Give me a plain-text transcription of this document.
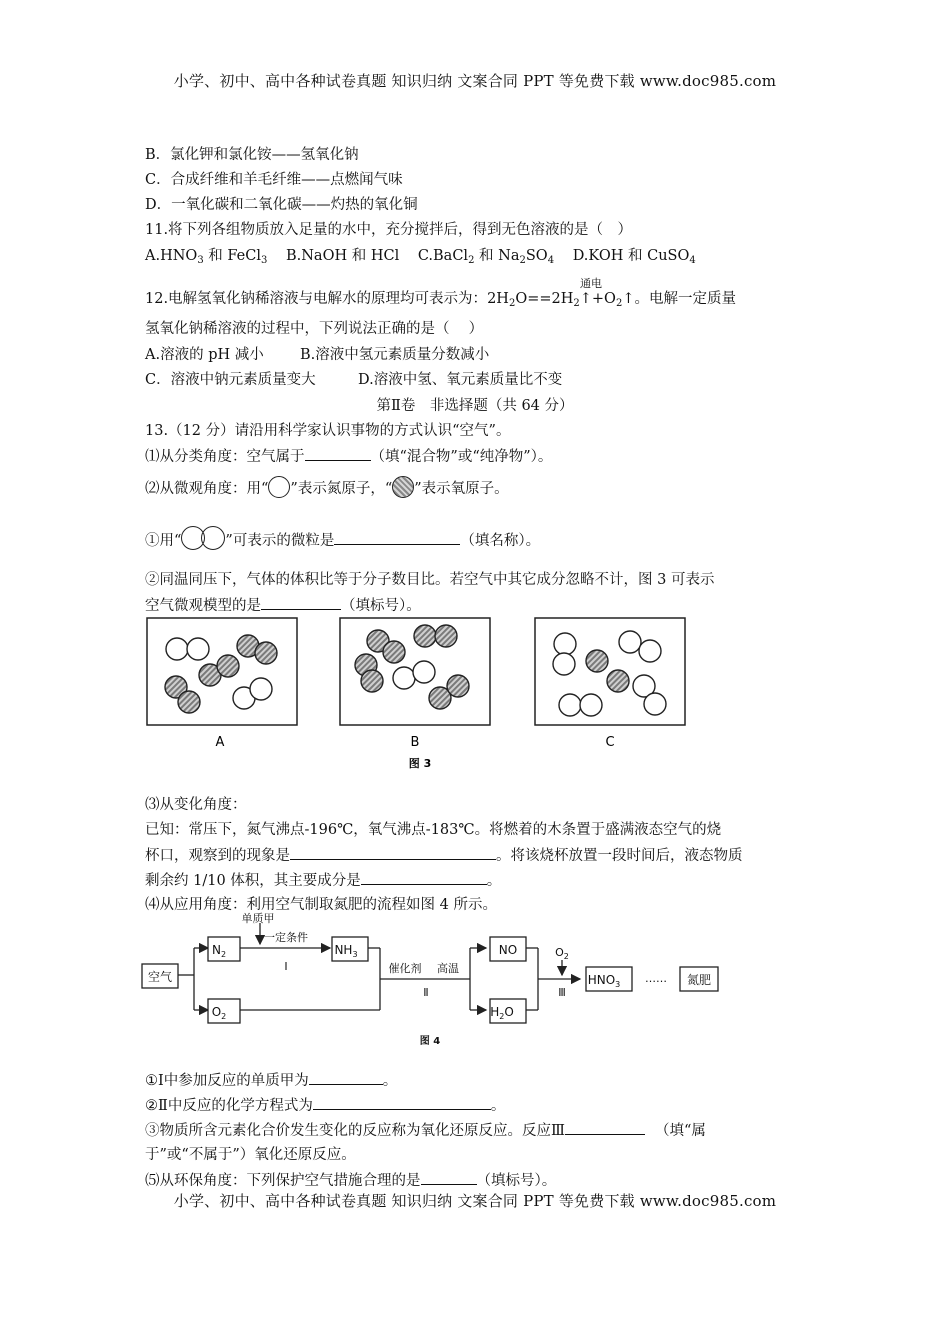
小学、初中、高中各种试卷真题 知识归纳 文案合同 PPT 等免费下载 www.doc985.com
小学、初中、高中各种试卷真题 知识归纳 文案合同 PPT 等免费下载 www.doc985.com
B．氯化钾和氯化铵——氢氧化钠
C．合成纤维和羊毛纤维——点燃闻气味
D．一氧化碳和二氧化碳——灼热的氧化铜
11.将下列各组物质放入足量的水中，充分搅拌后，得到无色溶液的是（　）
$A.HNO_3$ 和 FeCl$_3$ B.NaOH 和 HCl C.BaCl$_2$ 和 $Na_2SO_4$ D.KOH 和 CuSO$_4$
通电
12.电解氢氧化钠稀溶液与电解水的原理均可表示为：$2H_2O==2H_2↑+O_2↑$。电解一定质量
氢氧化钠稀溶液的过程中，下列说法正确的是（　 ）
A.溶液的 pH 减小	B.溶液中氢元素质量分数减小
C．溶液中钠元素质量变大	D.溶液中氢、氧元素质量比不变
第Ⅱ卷　非选择题（共 64 分）
13.（12 分）请沿用科学家认识事物的方式认识“空气”。
⑴从分类角度：空气属于	（填“混合物”或“纯净物”）。
⑵从微观角度：用“ ”表示氮原子，“ ”表示氧原子。
①用“	”可表示的微粒是	（填名称）。
②同温同压下，气体的体积比等于分子数目比。若空气中其它成分忽略不计，图 3 可表示
空气微观模型的是	（填标号）。
A	B	C
图 3
⑶从变化角度：
已知：常压下，氮气沸点-196℃，氧气沸点-183℃。将燃着的木条置于盛满液态空气的烧
杯口，观察到的现象是	。将该烧杯放置一段时间后，液态物质
剩余约 1/10 体积，其主要成分是	。
⑷从应用角度：利用空气制取氮肥的流程如图 4 所示。
空气
$N_2$
$O_2$
$NH_3$	NO
$H_2O$
$HNO_3$	氮肥
单质甲
一定条件
Ⅰ	催化剂 高温
Ⅱ
$O_2$
Ⅲ
……
图 4
①Ⅰ中参加反应的单质甲为	。
②Ⅱ中反应的化学方程式为	。
③物质所含元素化合价发生变化的反应称为氧化还原反应。反应Ⅲ	（填“属
于”或“不属于”）氧化还原反应。
⑸从环保角度：下列保护空气措施合理的是	（填标号）。
